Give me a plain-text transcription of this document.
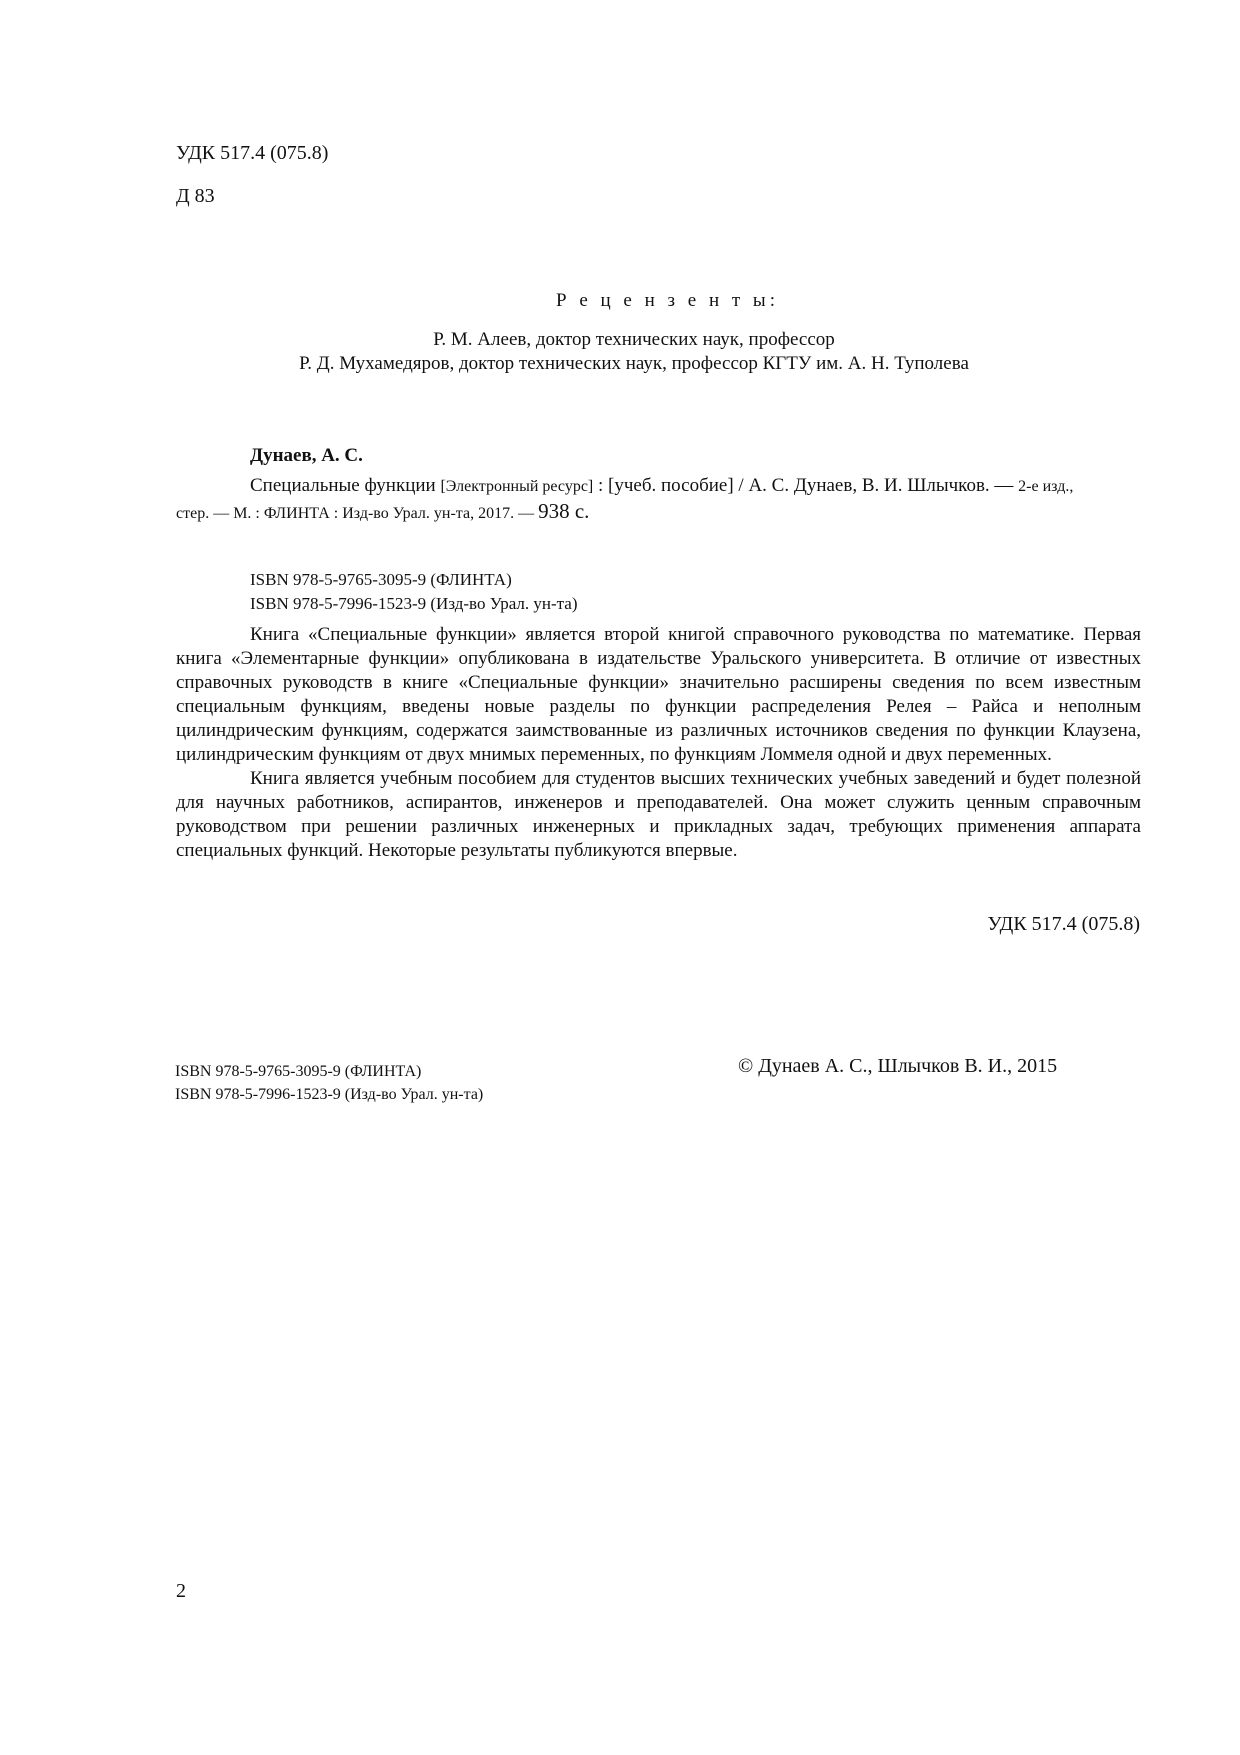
УДК 517.4 (075.8)
Д 83
Р е ц е н з е н т ы:
Р. М. Алеев, доктор технических наук, профессор
Р. Д. Мухамедяров, доктор технических наук, профессор КГТУ им. А. Н. Туполева
Дунаев, А. С.
Специальные функции [Электронный ресурс] : [учеб. пособие] / А. С. Дунаев, В. И. Шлычков. — 2-е изд.,
стер. — М. : ФЛИНТА : Изд-во Урал. ун-та, 2017. — 938 с.
ISBN 978-5-9765-3095-9 (ФЛИНТА)
ISBN 978-5-7996-1523-9 (Изд-во Урал. ун-та)

Книга «Специальные функции» является второй книгой справочного руководства по математике. Первая книга «Элементарные функции» опубликована в издательстве Уральского университета. В отличие от известных справочных руководств в книге «Специальные функции» значительно расширены сведения по всем известным специальным функциям, введены новые разделы по функции распределения Релея – Райса и неполным цилиндрическим функциям, содержатся заимствованные из различных источников сведения по функции Клаузена, цилиндрическим функциям от двух мнимых переменных, по функциям Ломмеля одной и двух переменных.

Книга является учебным пособием для студентов высших технических учебных заведений и будет полезной для научных работников, аспирантов, инженеров и преподавателей. Она может служить ценным справочным руководством при решении различных инженерных и прикладных задач, требующих применения аппарата специальных функций. Некоторые результаты публикуются впервые.

УДК 517.4 (075.8)
ISBN 978-5-9765-3095-9 (ФЛИНТА)
ISBN 978-5-7996-1523-9 (Изд-во Урал. ун-та)
© Дунаев А. С., Шлычков В. И., 2015
2
